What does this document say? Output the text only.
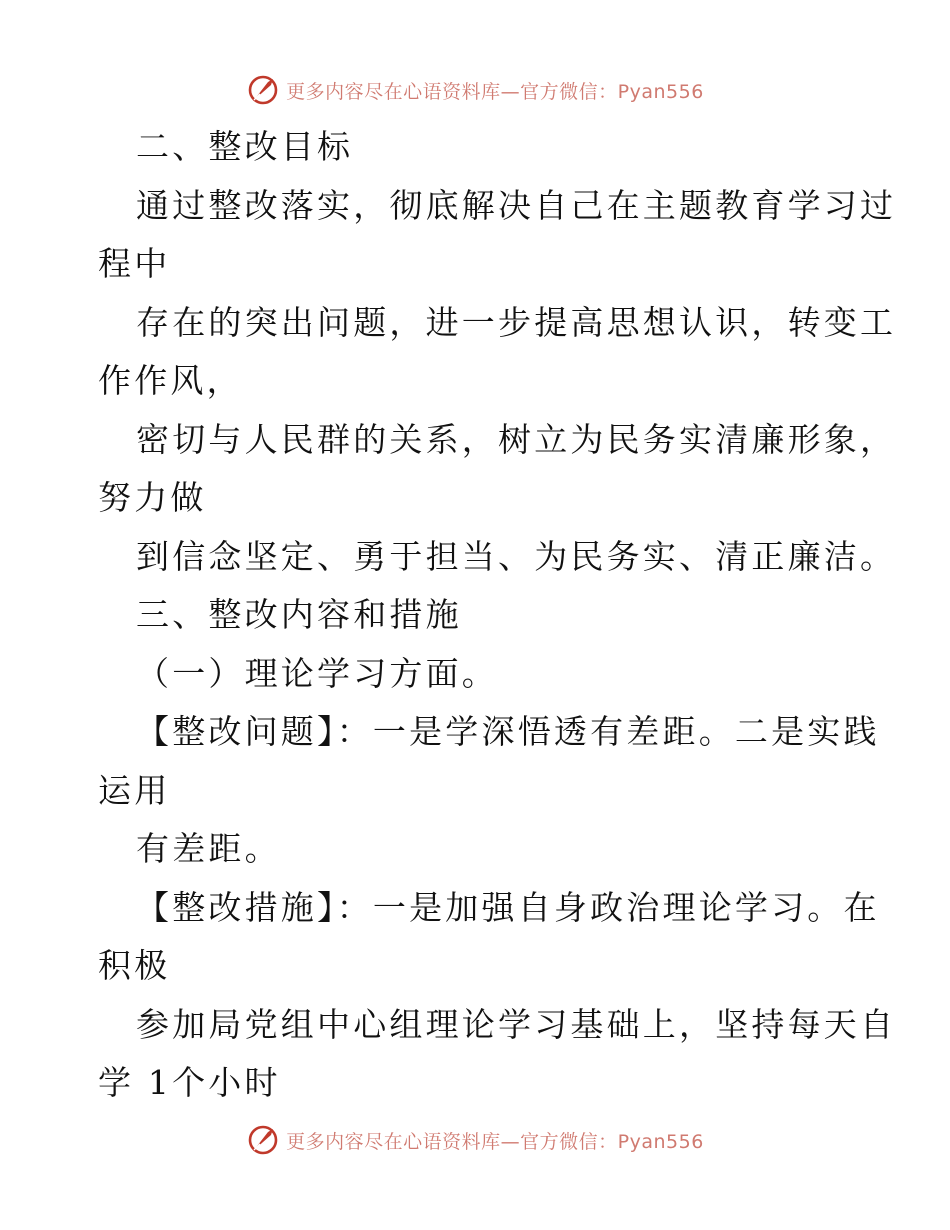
更多内容尽在心语资料库—官方微信：Pyan556
二、整改目标
通过整改落实，彻底解决自己在主题教育学习过
程中
存在的突出问题，进一步提高思想认识，转变工
作作风，
密切与人民群的关系，树立为民务实清廉形象，
努力做
到信念坚定、勇于担当、为民务实、清正廉洁。
三、整改内容和措施
（一）理论学习方面。
【整改问题】：一是学深悟透有差距。二是实践
运用
有差距。
【整改措施】：一是加强自身政治理论学习。在
积极
参加局党组中心组理论学习基础上，坚持每天自
学 1个小时
更多内容尽在心语资料库—官方微信：Pyan556
